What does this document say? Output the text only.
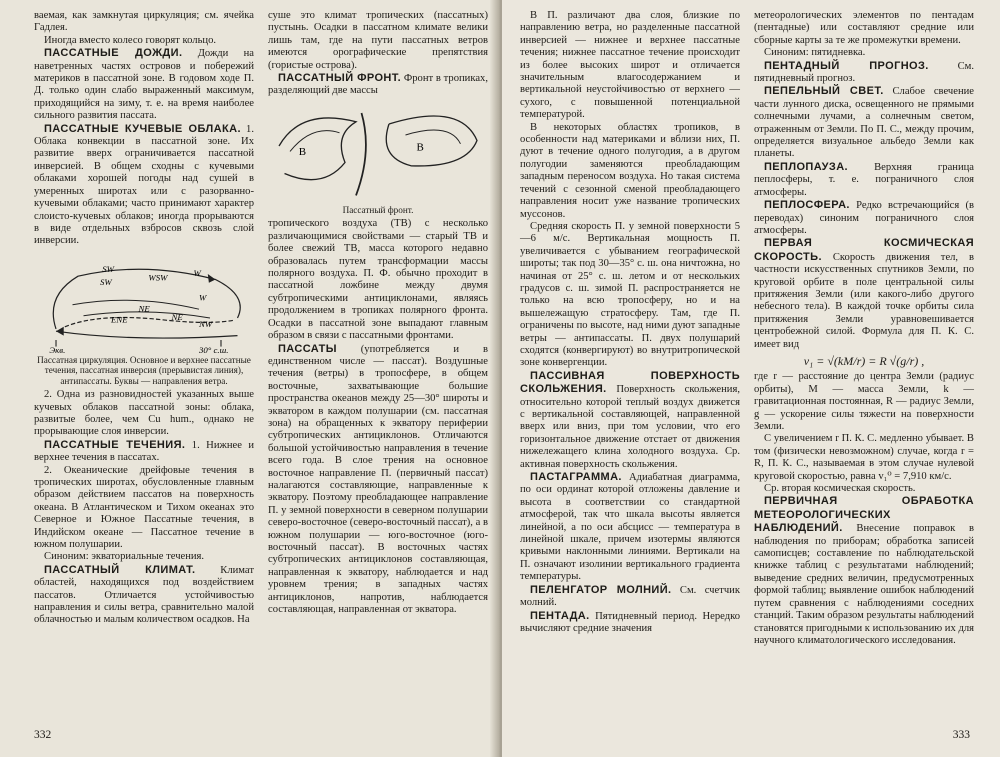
ваемая, как замкнутая циркуляция; см. ячейка Гадлея.

Иногда вместо колесо говорят кольцо.

ПАССАТНЫЕ ДОЖДИ. Дожди на наветренных частях островов и побережий материков в пассатной зоне. В годовом ходе П. Д. только один слабо выраженный максимум, приходящийся на зиму, т. е. на время наиболее сильного развития пассата.

ПАССАТНЫЕ КУЧЕВЫЕ ОБЛАКА. 1. Облака конвекции в пассатной зоне. Их развитие вверх ограничивается пассатной инверсией. В общем сходны с кучевыми облаками хорошей погоды над сушей в умеренных широтах или с разорванно-кучевыми облаками; часто принимают характер слоисто-кучевых облаков; иногда прорываются в виде отдельных взбросов сквозь слой инверсии.

SW
SW	WSW	W
W
ENE
NE
NE
NW
Экв.	30° с.ш.
Пассатная циркуляция. Основное и верхнее пассатные течения, пассатная инверсия (прерывистая линия), антипассаты. Буквы — направления ветра.

2. Одна из разновидностей указанных выше кучевых облаков пассатной зоны: облака, развитые более, чем Cu hum., однако не прорывающие слоя инверсии.

ПАССАТНЫЕ ТЕЧЕНИЯ. 1. Нижнее и верхнее течения в пассатах.

2. Океанические дрейфовые течения в тропических широтах, обусловленные главным образом действием пассатов на поверхность океана. В Атлантическом и Тихом океанах это Северное и Южное Пассатные течения, в Индийском океане — Пассатное течение в южном полушарии.

Синоним: экваториальные течения.

ПАССАТНЫЙ КЛИМАТ. Климат областей, находящихся под воздействием пассатов. Отличается устойчивостью направления и силы ветра, сравнительно малой облачностью и малым количеством осадков. На

суше это климат тропических (пассатных) пустынь. Осадки в пассатном климате велики лишь там, где на пути пассатных ветров имеются орографические препятствия (гористые острова).

ПАССАТНЫЙ ФРОНТ. Фронт в тропиках, разделяющий две массы

B	B
Пассатный фронт.

тропического воздуха (ТВ) с несколько различающимися свойствами — старый ТВ и более свежий ТВ, масса которого недавно образовалась путем трансформации массы полярного воздуха. П. Ф. обычно проходит в пассатной ложбине между двумя субтропическими антициклонами, являясь продолжением в тропиках полярного фронта. Осадки в пассатной зоне выпадают главным образом в связи с пассатными фронтами.

ПАССАТЫ (употребляется и в единственном числе — пассат). Воздушные течения (ветры) в тропосфере, в общем восточные, захватывающие большие пространства океанов между 25—30° широты и экватором в каждом полушарии (см. пассатная зона) на обращенных к экватору периферии субтропических антициклонов. Отличаются большой устойчивостью направления в течение всего года. В слое трения на основное восточное направление П. (первичный пассат) налагаются составляющие, направленные к экватору. Поэтому преобладающее направление П. у земной поверхности в северном полушарии северо-восточное (северо-восточный пассат), а в южном полушарии — юго-восточное (юго-восточный пассат). В восточных частях субтропических антициклонов составляющая, направленная к экватору, наблюдается и над уровнем трения; в западных частях антициклонов, напротив, наблюдается составляющая, направленная от экватора.

332

В П. различают два слоя, близкие по направлению ветра, но разделенные пассатной инверсией — нижнее и верхнее пассатные течения; нижнее пассатное течение происходит из более высоких широт и отличается значительным влагосодержанием и вертикальной неустойчивостью от верхнего — сухого, с повышенной потенциальной температурой.

В некоторых областях тропиков, в особенности над материками и вблизи них, П. дуют в течение одного полугодия, а в другом полугодии заменяются преобладающим западным переносом воздуха. Но такая система течений с сезонной сменой преобладающего направления носит уже название тропических муссонов.

Средняя скорость П. у земной поверхности 5—6 м/с. Вертикальная мощность П. увеличивается с убыванием географической широты; так под 30—35° с. ш. она ничтожна, но начиная от 25° с. ш. летом и от нескольких градусов с. ш. зимой П. распространяется не только на всю тропосферу, но и на вышележащую стратосферу. Там, где П. ограничены по высоте, над ними дуют западные ветры — антипассаты. П. двух полушарий сходятся (конвергируют) во внутритропической зоне конвергенции.

ПАССИВНАЯ ПОВЕРХНОСТЬ СКОЛЬЖЕНИЯ. Поверхность скольжения, относительно которой теплый воздух движется с вертикальной составляющей, направленной вверх или вниз, при том условии, что его горизонтальное движение отстает от движения нижележащего клина холодного воздуха. Ср. активная поверхность скольжения.

ПАСТАГРАММА. Адиабатная диаграмма, по оси ординат которой отложены давление и высота в соответствии со стандартной атмосферой, так что шкала высоты является линейной, а по оси абсцисс — температура в линейной шкале, причем изотермы являются кривыми наклонными линиями. Вертикали на П. означают изолинии вертикального градиента температуры.

ПЕЛЕНГАТОР МОЛНИЙ. См. счетчик молний.

ПЕНТАДА. Пятидневный период. Нередко вычисляют средние значения

метеорологических элементов по пентадам (пентадные) или составляют средние или сборные карты за те же промежутки времени.

Синоним: пятидневка.

ПЕНТАДНЫЙ ПРОГНОЗ.	См. пятидневный прогноз.

ПЕПЕЛЬНЫЙ СВЕТ. Слабое свечение части лунного диска, освещенного не прямыми солнечными лучами, а солнечным светом, отраженным от Земли. По П. С., между прочим, определяется визуальное альбедо Земли как планеты.

ПЕПЛОПАУЗА. Верхняя граница пеплосферы, т. е. пограничного слоя атмосферы.

ПЕПЛОСФЕРА. Редко встречающийся (в переводах) синоним пограничного слоя атмосферы.

ПЕРВАЯ КОСМИЧЕСКАЯ СКОРОСТЬ. Скорость движения тел, в частности искусственных спутников Земли, по круговой орбите в поле центральной силы притяжения Земли (или какого-либо другого небесного тела). В каждой точке орбиты сила притяжения Земли уравновешивается центробежной силой. Формула для П. К. С. имеет вид

v₁ = √(kM/r) = R √(g/r) ,

где r — расстояние до центра Земли (радиус орбиты), M — масса Земли, k — гравитационная постоянная, R — радиус Земли, g — ускорение силы тяжести на поверхности Земли.

С увеличением r П. К. С. медленно убывает. В том (физически невозможном) случае, когда r = R, П. К. С., называемая в этом случае нулевой круговой скоростью, равна v₁⁰ = 7,910 км/с.

Ср. вторая космическая скорость.

ПЕРВИЧНАЯ ОБРАБОТКА МЕТЕОРОЛОГИЧЕСКИХ НАБЛЮДЕНИЙ. Внесение поправок в наблюдения по приборам; обработка записей самописцев; составление по наблюдательской книжке таблиц с результатами наблюдений; выведение средних величин, предусмотренных формой таблиц; выявление ошибок наблюдений путем сравнения с наблюдениями соседних станций. Таким образом результаты наблюдений становятся пригодными к использованию их для научного климатологического исследования.

333
